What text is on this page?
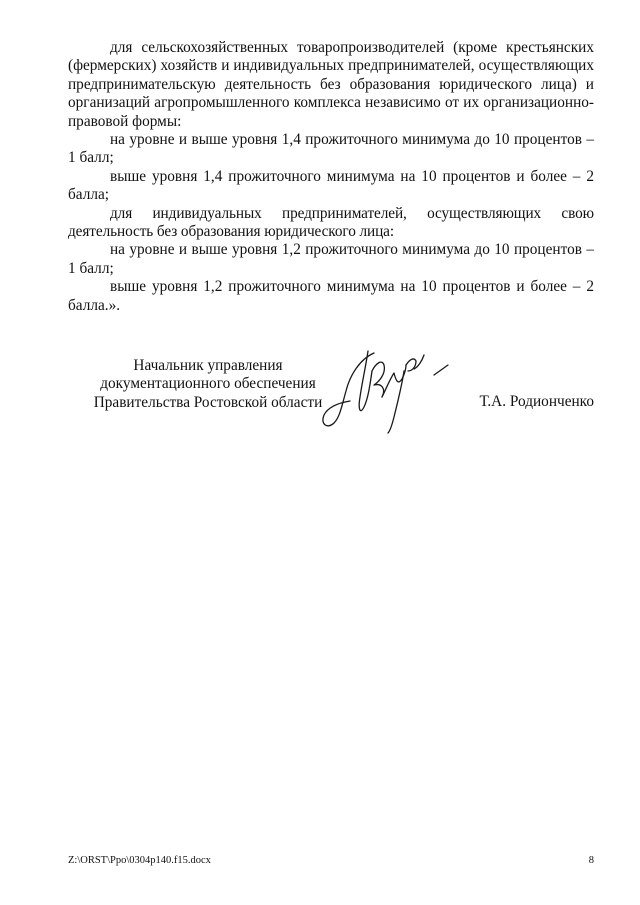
для сельскохозяйственных товаропроизводителей (кроме крестьянских (фермерских) хозяйств и индивидуальных предпринимателей, осуществляющих предпринимательскую деятельность без образования юридического лица) и организаций агропромышленного комплекса независимо от их организационно-правовой формы:

на уровне и выше уровня 1,4 прожиточного минимума до 10 процентов – 1 балл;

выше уровня 1,4 прожиточного минимума на 10 процентов и более – 2 балла;

для индивидуальных предпринимателей, осуществляющих свою деятельность без образования юридического лица:

на уровне и выше уровня 1,2 прожиточного минимума до 10 процентов – 1 балл;

выше уровня 1,2 прожиточного минимума на 10 процентов и более – 2 балла.».

Начальник управления
документационного обеспечения
Правительства Ростовской области	Т.А. Родионченко
Z:\ORST\Ppo\0304p140.f15.docx	8
